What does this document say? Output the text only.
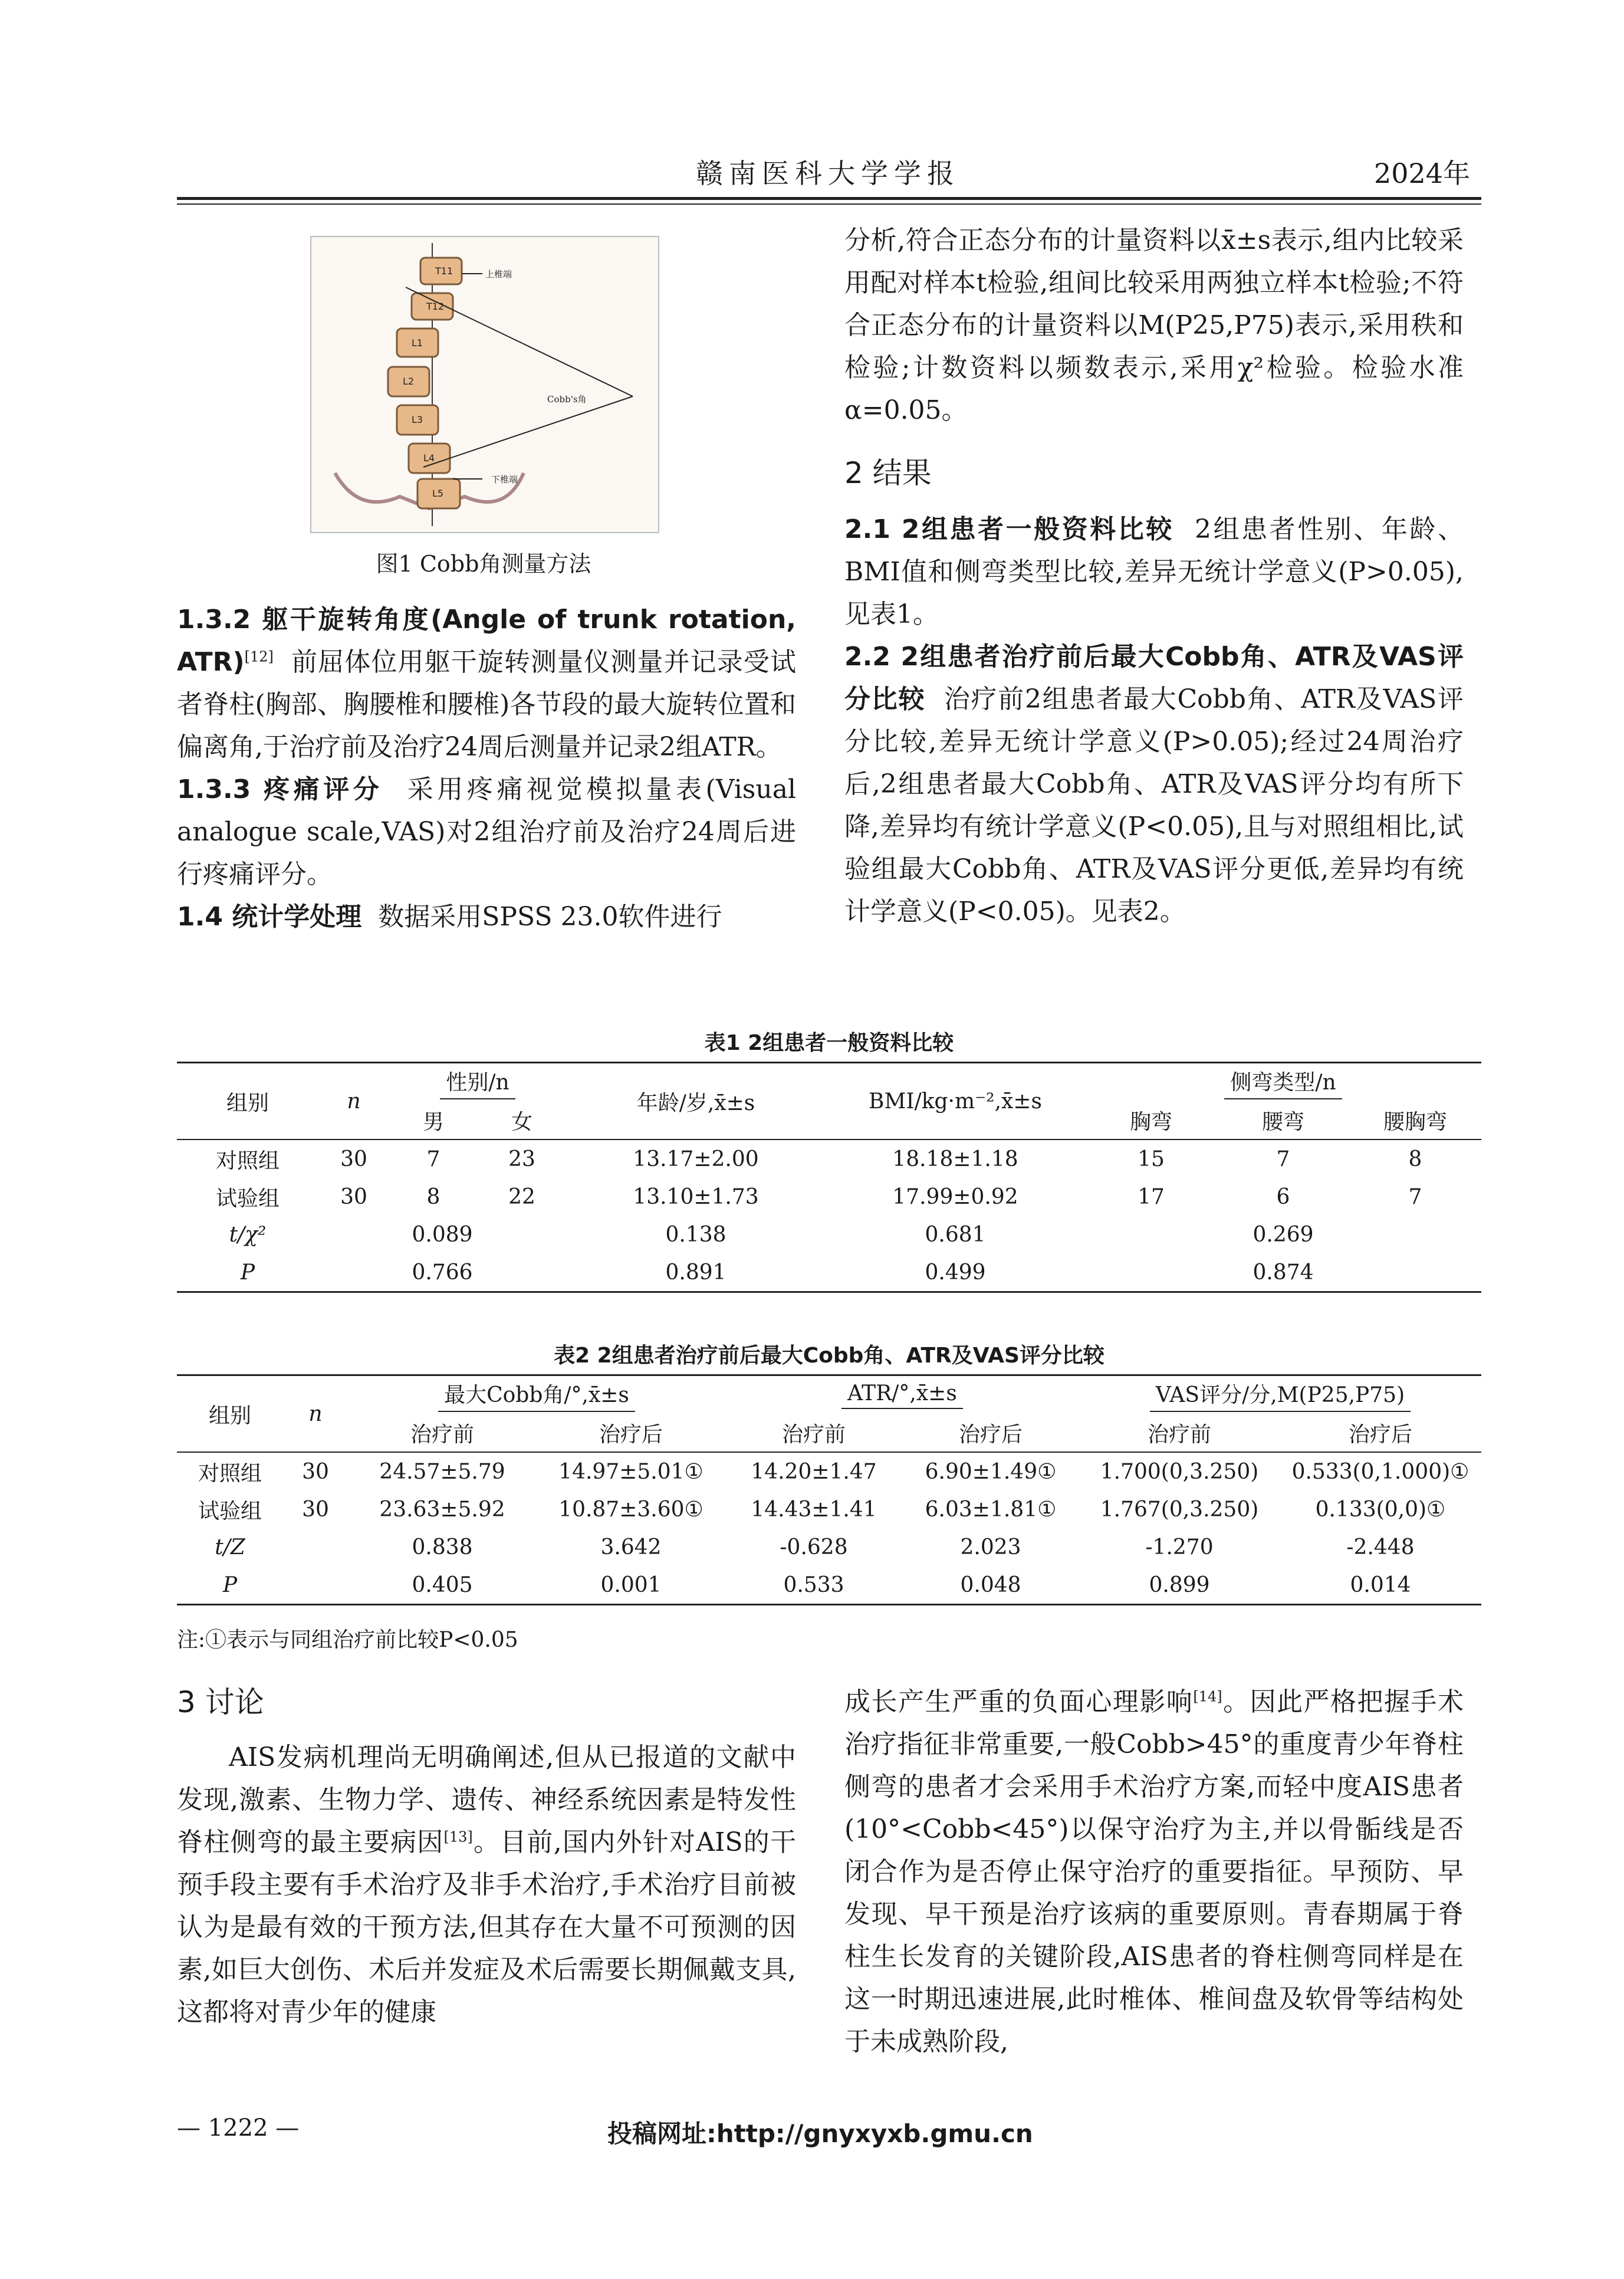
赣南医科大学学报	2024年
T11
T12
L1
L2
L3
L4
L5
上椎端
下椎端
Cobb's角
图1 Cobb角测量方法

1.3.2 躯干旋转角度(Angle of trunk rotation, ATR)[12] 前屈体位用躯干旋转测量仪测量并记录受试者脊柱(胸部、胸腰椎和腰椎)各节段的最大旋转位置和偏离角,于治疗前及治疗24周后测量并记录2组ATR。

1.3.3 疼痛评分 采用疼痛视觉模拟量表(Visual analogue scale,VAS)对2组治疗前及治疗24周后进行疼痛评分。

1.4 统计学处理 数据采用SPSS 23.0软件进行

分析,符合正态分布的计量资料以x̄±s表示,组内比较采用配对样本t检验,组间比较采用两独立样本t检验;不符合正态分布的计量资料以M(P25,P75)表示,采用秩和检验;计数资料以频数表示,采用χ²检验。检验水准α=0.05。

2 结果

2.1 2组患者一般资料比较 2组患者性别、年龄、BMI值和侧弯类型比较,差异无统计学意义(P>0.05),见表1。

2.2 2组患者治疗前后最大Cobb角、ATR及VAS评分比较 治疗前2组患者最大Cobb角、ATR及VAS评分比较,差异无统计学意义(P>0.05);经过24周治疗后,2组患者最大Cobb角、ATR及VAS评分均有所下降,差异均有统计学意义(P<0.05),且与对照组相比,试验组最大Cobb角、ATR及VAS评分更低,差异均有统计学意义(P<0.05)。见表2。

表1 2组患者一般资料比较
组别	n	性别/n		年龄/岁,x̄±s	BMI/kg·m⁻²,x̄±s	侧弯类型/n		
		男	女			胸弯	腰弯	腰胸弯
对照组	30	7	23	13.17±2.00	18.18±1.18	15	7	8
试验组	30	8	22	13.10±1.73	17.99±0.92	17	6	7
t/χ²	0.089			0.138	0.681	0.269		
P	0.766			0.891	0.499	0.874		
表2 2组患者治疗前后最大Cobb角、ATR及VAS评分比较
组别	n	最大Cobb角/°,x̄±s		ATR/°,x̄±s		VAS评分/分,M(P25,P75)	
		治疗前	治疗后	治疗前	治疗后	治疗前	治疗后
对照组	30	24.57±5.79	14.97±5.01①	14.20±1.47	6.90±1.49①	1.700(0,3.250)	0.533(0,1.000)①
试验组	30	23.63±5.92	10.87±3.60①	14.43±1.41	6.03±1.81①	1.767(0,3.250)	0.133(0,0)①
t/Z		0.838	3.642	-0.628	2.023	-1.270	-2.448
P		0.405	0.001	0.533	0.048	0.899	0.014
注:①表示与同组治疗前比较P<0.05

3 讨论

AIS发病机理尚无明确阐述,但从已报道的文献中发现,激素、生物力学、遗传、神经系统因素是特发性脊柱侧弯的最主要病因[13]。目前,国内外针对AIS的干预手段主要有手术治疗及非手术治疗,手术治疗目前被认为是最有效的干预方法,但其存在大量不可预测的因素,如巨大创伤、术后并发症及术后需要长期佩戴支具,这都将对青少年的健康

成长产生严重的负面心理影响[14]。因此严格把握手术治疗指征非常重要,一般Cobb>45°的重度青少年脊柱侧弯的患者才会采用手术治疗方案,而轻中度AIS患者(10°<Cobb<45°)以保守治疗为主,并以骨骺线是否闭合作为是否停止保守治疗的重要指征。早预防、早发现、早干预是治疗该病的重要原则。青春期属于脊柱生长发育的关键阶段,AIS患者的脊柱侧弯同样是在这一时期迅速进展,此时椎体、椎间盘及软骨等结构处于未成熟阶段,

— 1222 —	投稿网址:http://gnyxyxb.gmu.cn
